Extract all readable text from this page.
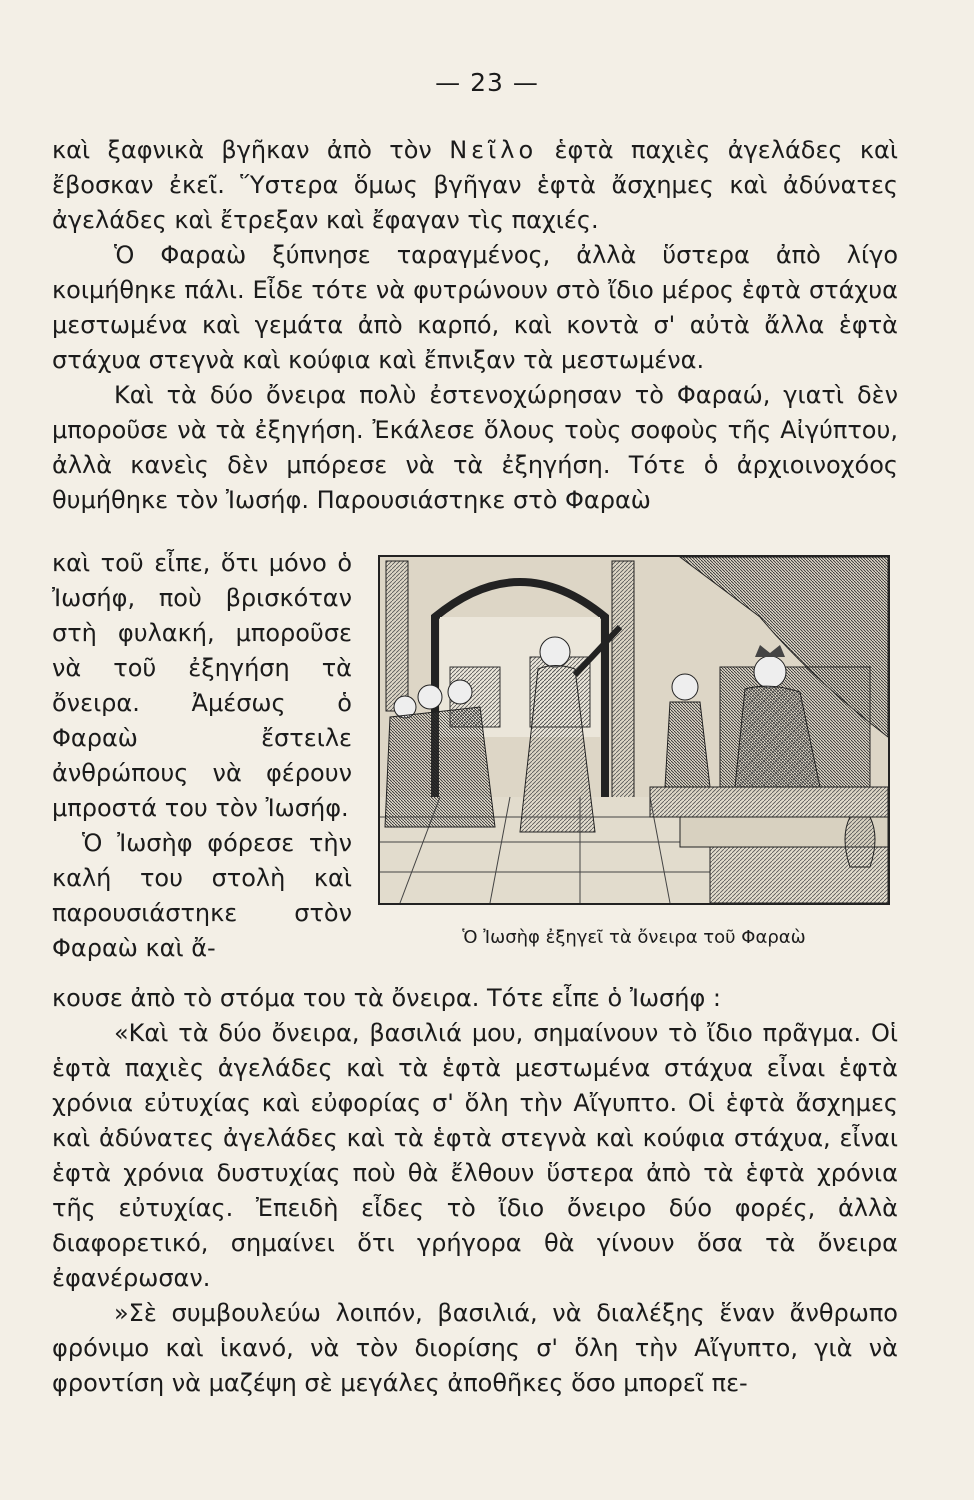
— 23 —

καὶ ξαφνικὰ βγῆκαν ἀπὸ τὸν Νεῖλο ἑφτὰ παχιὲς ἀγελάδες καὶ ἔβοσκαν ἐκεῖ. Ὕστερα ὅμως βγῆγαν ἑφτὰ ἄσχημες καὶ ἀδύνατες ἀγελάδες καὶ ἔτρεξαν καὶ ἔφαγαν τὶς παχιές.

Ὁ Φαραὼ ξύπνησε ταραγμένος, ἀλλὰ ὕστερα ἀπὸ λίγο κοιμήθηκε πάλι. Εἶδε τότε νὰ φυτρώνουν στὸ ἴδιο μέρος ἑφτὰ στάχυα μεστωμένα καὶ γεμάτα ἀπὸ καρπό, καὶ κοντὰ σ' αὐτὰ ἄλλα ἑφτὰ στάχυα στεγνὰ καὶ κούφια καὶ ἔπνιξαν τὰ μεστωμένα.

Καὶ τὰ δύο ὄνειρα πολὺ ἐστενοχώρησαν τὸ Φαραώ, γιατὶ δὲν μποροῦσε νὰ τὰ ἐξηγήση. Ἐκάλεσε ὅλους τοὺς σοφοὺς τῆς Αἰγύπτου, ἀλλὰ κανεὶς δὲν μπόρεσε νὰ τὰ ἐξηγήση. Τότε ὁ ἀρχιοινοχόος θυμήθηκε τὸν Ἰωσήφ. Παρουσιάστηκε στὸ Φαραὼ

καὶ τοῦ εἶπε, ὅτι μόνο ὁ Ἰωσήφ, ποὺ βρισκόταν στὴ φυλακή, μποροῦσε νὰ τοῦ ἐξηγήση τὰ ὄνειρα. Ἀμέσως ὁ Φαραὼ ἔστειλε ἀνθρώπους νὰ φέρουν μπροστά του τὸν Ἰωσήφ.

Ὁ Ἰωσὴφ φόρεσε τὴν καλή του στολὴ καὶ παρουσιάστηκε στὸν Φαραὼ καὶ ἄ-	Ὁ Ἰωσὴφ ἐξηγεῖ τὰ ὄνειρα τοῦ Φαραὼ

κουσε ἀπὸ τὸ στόμα του τὰ ὄνειρα. Τότε εἶπε ὁ Ἰωσήφ :

«Καὶ τὰ δύο ὄνειρα, βασιλιά μου, σημαίνουν τὸ ἴδιο πρᾶγμα. Οἱ ἑφτὰ παχιὲς ἀγελάδες καὶ τὰ ἑφτὰ μεστωμένα στάχυα εἶναι ἑφτὰ χρόνια εὐτυχίας καὶ εὐφορίας σ' ὅλη τὴν Αἴγυπτο. Οἱ ἑφτὰ ἄσχημες καὶ ἀδύνατες ἀγελάδες καὶ τὰ ἑφτὰ στεγνὰ καὶ κούφια στάχυα, εἶναι ἑφτὰ χρόνια δυστυχίας ποὺ θὰ ἔλθουν ὕστερα ἀπὸ τὰ ἑφτὰ χρόνια τῆς εὐτυχίας. Ἐπειδὴ εἶδες τὸ ἴδιο ὄνειρο δύο φορές, ἀλλὰ διαφορετικό, σημαίνει ὅτι γρήγορα θὰ γίνουν ὅσα τὰ ὄνειρα ἐφανέρωσαν.

»Σὲ συμβουλεύω λοιπόν, βασιλιά, νὰ διαλέξης ἕναν ἄνθρωπο φρόνιμο καὶ ἱκανό, νὰ τὸν διορίσης σ' ὅλη τὴν Αἴγυπτο, γιὰ νὰ φροντίση νὰ μαζέψη σὲ μεγάλες ἀποθῆκες ὅσο μπορεῖ πε-
